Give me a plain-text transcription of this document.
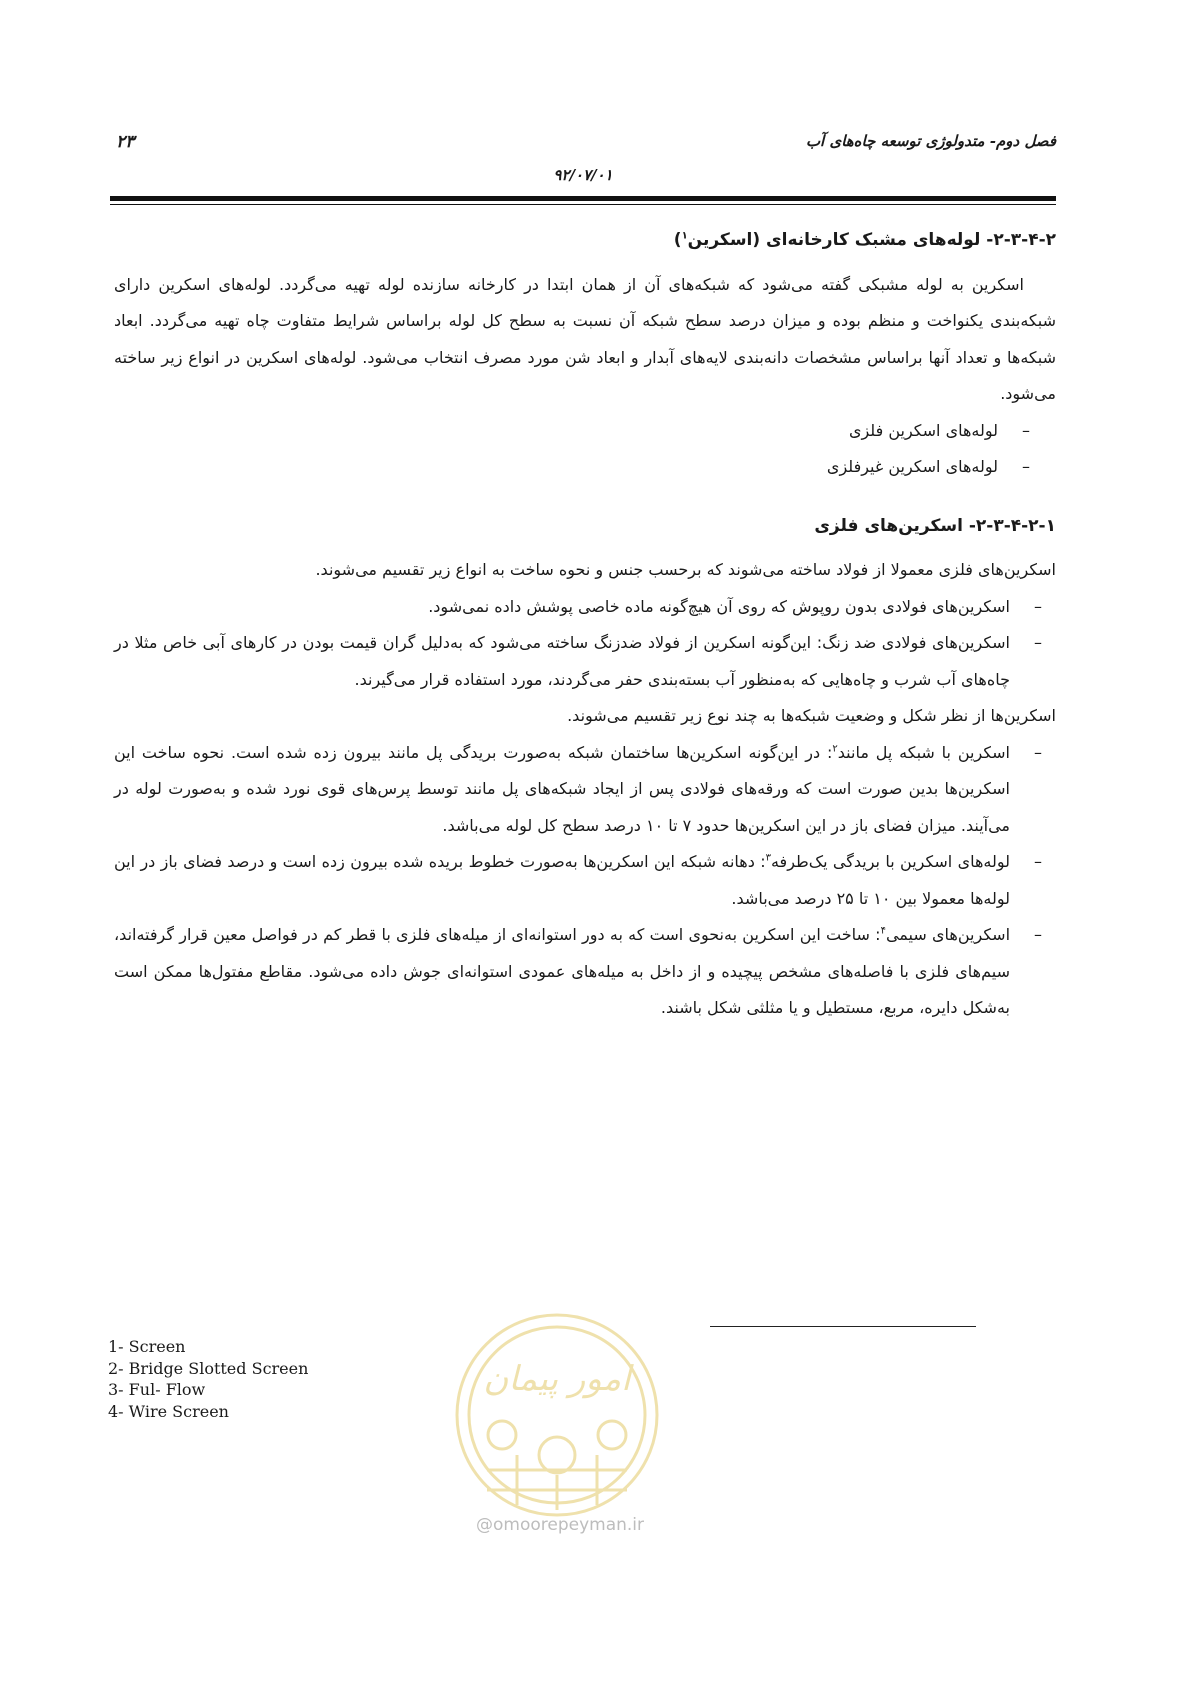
فصل دوم- متدولوژی توسعه چاه‌های آب
۲۳
۹۲/۰۷/۰۱
۲-۳-۴-۲- لوله‌های مشبک کارخانه‌ای (اسکرین$^۱$)

اسکرین به لوله مشبکی گفته می‌شود که شبکه‌های آن از همان ابتدا در کارخانه سازنده لوله تهیه می‌گردد. لوله‌های اسکرین دارای شبکه‌بندی یکنواخت و منظم بوده و میزان درصد سطح شبکه آن نسبت به سطح کل لوله براساس شرایط متفاوت چاه تهیه می‌گردد. ابعاد شبکه‌ها و تعداد آنها براساس مشخصات دانه‌بندی لایه‌های آبدار و ابعاد شن مورد مصرف انتخاب می‌شود. لوله‌های اسکرین در انواع زیر ساخته می‌شود.

–
لوله‌های اسکرین فلزی
–
لوله‌های اسکرین غیرفلزی
۲-۳-۴-۲-۱- اسکرین‌های فلزی

اسکرین‌های فلزی معمولا از فولاد ساخته می‌شوند که برحسب جنس و نحوه ساخت به انواع زیر تقسیم می‌شوند.

–
اسکرین‌های فولادی بدون روپوش که روی آن هیچ‌گونه ماده خاصی پوشش داده نمی‌شود.
–
اسکرین‌های فولادی ضد زنگ: این‌گونه اسکرین از فولاد ضدزنگ ساخته می‌شود که به‌دلیل گران قیمت بودن در کارهای آبی خاص مثلا در چاه‌های آب شرب و چاه‌هایی که به‌منظور آب بسته‌بندی حفر می‌گردند، مورد استفاده قرار می‌گیرند.

اسکرین‌ها از نظر شکل و وضعیت شبکه‌ها به چند نوع زیر تقسیم می‌شوند.

–
اسکرین با شبکه پل مانند$^۲$: در این‌گونه اسکرین‌ها ساختمان شبکه به‌صورت بریدگی پل مانند بیرون زده شده است. نحوه ساخت این اسکرین‌ها بدین صورت است که ورقه‌های فولادی پس از ایجاد شبکه‌های پل مانند توسط پرس‌های قوی نورد شده و به‌صورت لوله در می‌آیند. میزان فضای باز در این اسکرین‌ها حدود ۷ تا ۱۰ درصد سطح کل لوله می‌باشد.
–
لوله‌های اسکرین با بریدگی یک‌طرفه$^۳$: دهانه شبکه این اسکرین‌ها به‌صورت خطوط بریده شده بیرون زده است و درصد فضای باز در این لوله‌ها معمولا بین ۱۰ تا ۲۵ درصد می‌باشد.
–
اسکرین‌های سیمی$^۴$: ساخت این اسکرین به‌نحوی است که به دور استوانه‌ای از میله‌های فلزی با قطر کم در فواصل معین قرار گرفته‌اند، سیم‌های فلزی با فاصله‌های مشخص پیچیده و از داخل به میله‌های عمودی استوانه‌ای جوش داده می‌شود. مقاطع مفتول‌ها ممکن است به‌شکل دایره، مربع، مستطیل و یا مثلثی شکل باشند.
1- Screen
2- Bridge Slotted Screen
3- Ful- Flow
4- Wire Screen
امور پیمان
@omoorepeyman.ir
